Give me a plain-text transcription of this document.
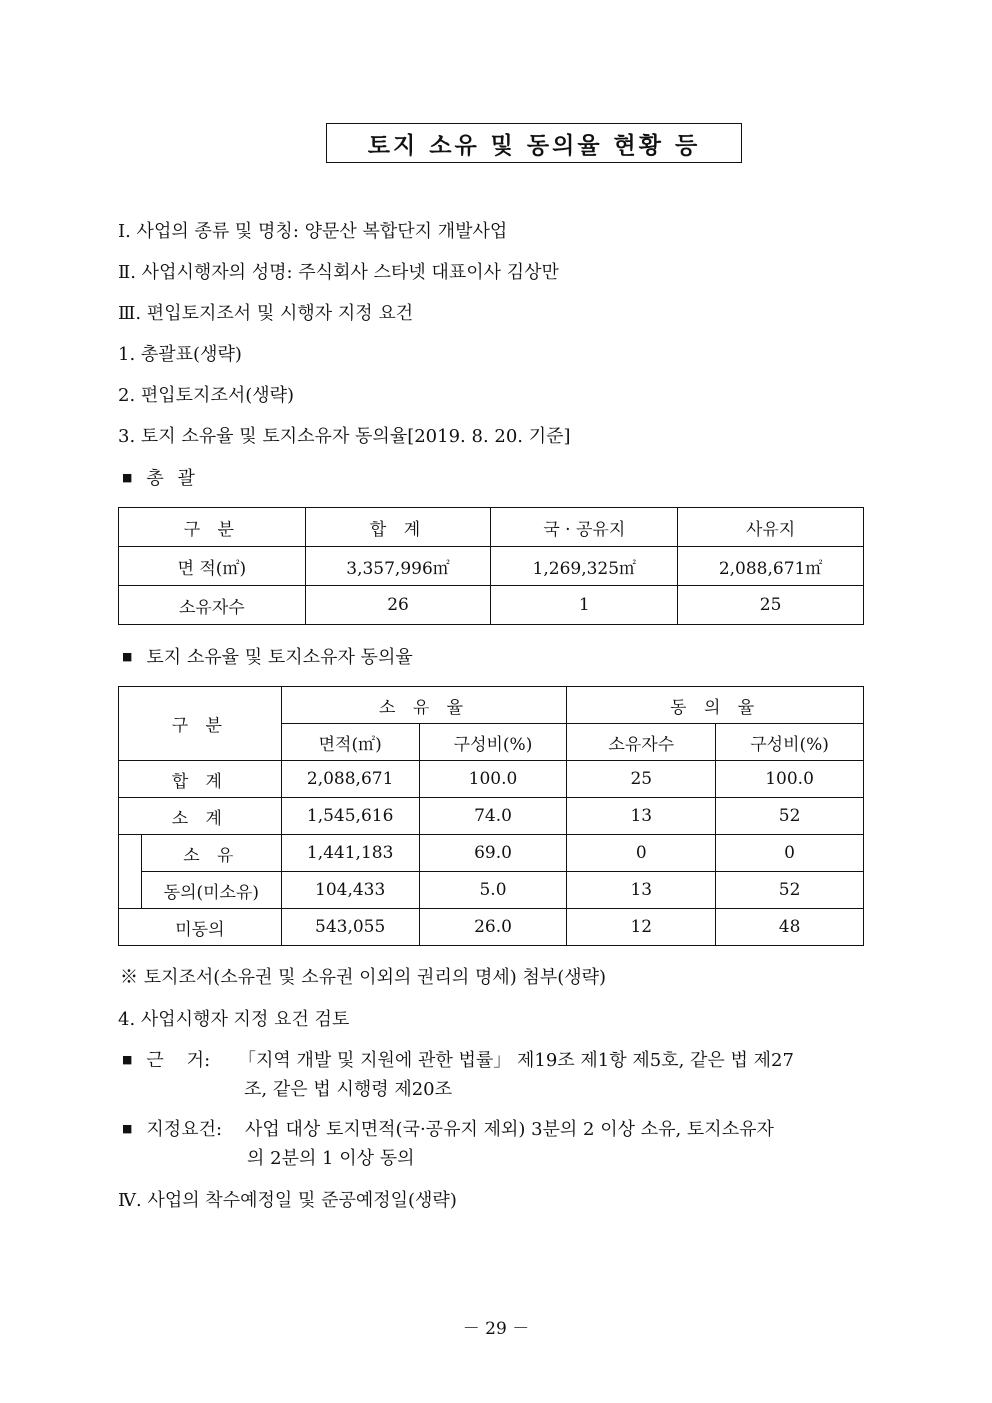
토지 소유 및 동의율 현황 등
Ⅰ. 사업의 종류 및 명칭: 양문산 복합단지 개발사업
Ⅱ. 사업시행자의 성명: 주식회사 스타넷 대표이사 김상만
Ⅲ. 편입토지조서 및 시행자 지정 요건
1. 총괄표(생략)
2. 편입토지조서(생략)
3. 토지 소유율 및 토지소유자 동의율[2019. 8. 20. 기준]
■ 총 괄
구 분	합 계	국 · 공유지	사유지
면 적(㎡)	3,357,996㎡	1,269,325㎡	2,088,671㎡
소유자수	26	1	25
■ 토지 소유율 및 토지소유자 동의율
구 분		소 유 율		동 의 율	
		면적(㎡)	구성비(%)	소유자수	구성비(%)
합 계		2,088,671	100.0	25	100.0
소 계		1,545,616	74.0	13	52
	소 유	1,441,183	69.0	0	0
	동의(미소유)	104,433	5.0	13	52
미동의		543,055	26.0	12	48
※ 토지조서(소유권 및 소유권 이외의 권리의 명세) 첨부(생략)
4. 사업시행자 지정 요건 검토
■ 근    거: 「지역 개발 및 지원에 관한 법률」 제19조 제1항 제5호, 같은 법 제27
조, 같은 법 시행령 제20조
■ 지정요건: 사업 대상 토지면적(국·공유지 제외) 3분의 2 이상 소유, 토지소유자
의 2분의 1 이상 동의
Ⅳ. 사업의 착수예정일 및 준공예정일(생략)
－ 29 －
